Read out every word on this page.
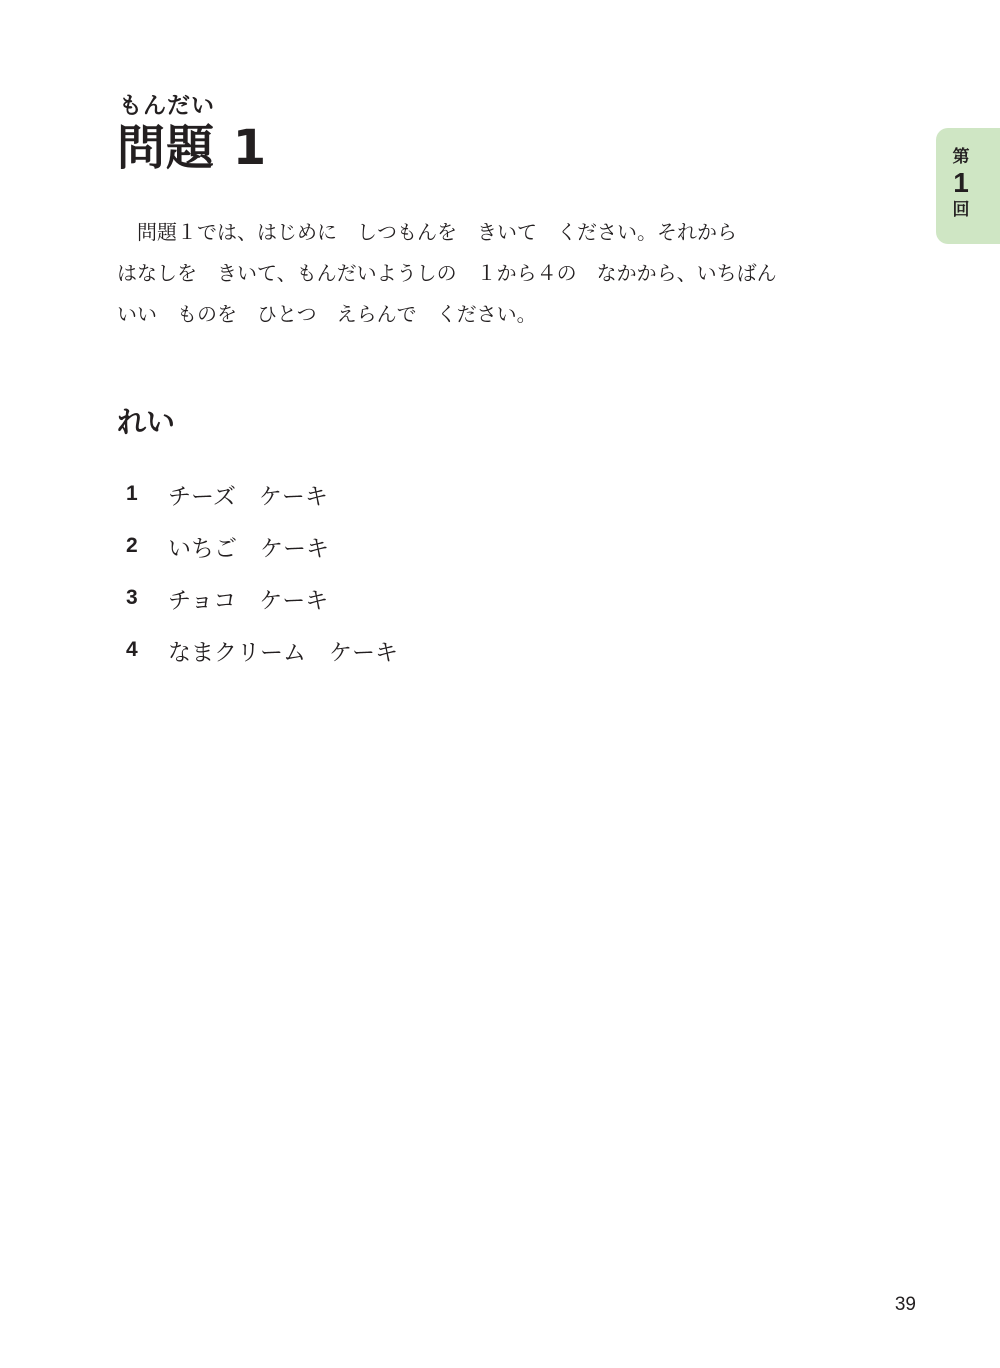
もんだい
問題 1
　問題１では、はじめに　しつもんを　きいて　ください。それから
はなしを　きいて、もんだいようしの　１から４の　なかから、いちばん
いい　ものを　ひとつ　えらんで　ください。
れい
1	チーズ　ケーキ
2	いちご　ケーキ
3	チョコ　ケーキ
4	なまクリーム　ケーキ
第
1
回
39
